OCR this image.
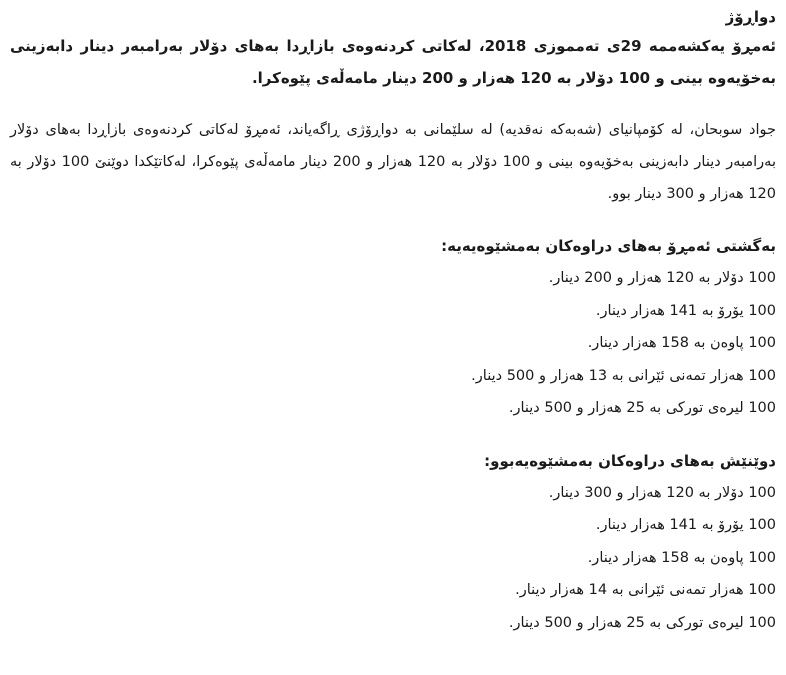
دواڕۆژ

ئەمڕۆ یەکشەممە 29ی تەمموزی 2018، لەکاتی کردنەوەی بازاڕدا بەهای دۆلار بەرامبەر دینار دابەزینی بەخۆیەوە بینی و 100 دۆلار بە 120 هەزار و 200 دینار مامەڵەی پێوەکرا.

جواد سوبحان، لە کۆمپانیای (شەبەکە نەقدیە) لە سلێمانی بە دواڕۆژی ڕاگەیاند، ئەمڕۆ لەکاتی کردنەوەی بازاڕدا بەهای دۆلار بەرامبەر دینار دابەزینی بەخۆیەوە بینی و 100 دۆلار بە 120 هەزار و 200 دینار مامەڵەی پێوەکرا، لەکاتێکدا دوێنێ 100 دۆلار بە 120 هەزار و 300 دینار بوو.

بەگشتی ئەمڕۆ بەهای دراوەکان بەمشێوەیەیە:
100 دۆلار بە 120 هەزار و 200 دینار.
100 یۆرۆ بە 141 هەزار دینار.
100 پاوەن بە 158 هەزار دینار.
100 هەزار تمەنی ئێرانی بە 13 هەزار و 500 دینار.
100 لیرەی تورکی بە 25 هەزار و 500 دینار.
دوێنێش بەهای دراوەکان بەمشێوەیەبوو:
100 دۆلار بە 120 هەزار و 300 دینار.
100 یۆرۆ بە 141 هەزار دینار.
100 پاوەن بە 158 هەزار دینار.
100 هەزار تمەنی ئێرانی بە 14 هەزار دینار.
100 لیرەی تورکی بە 25 هەزار و 500 دینار.
